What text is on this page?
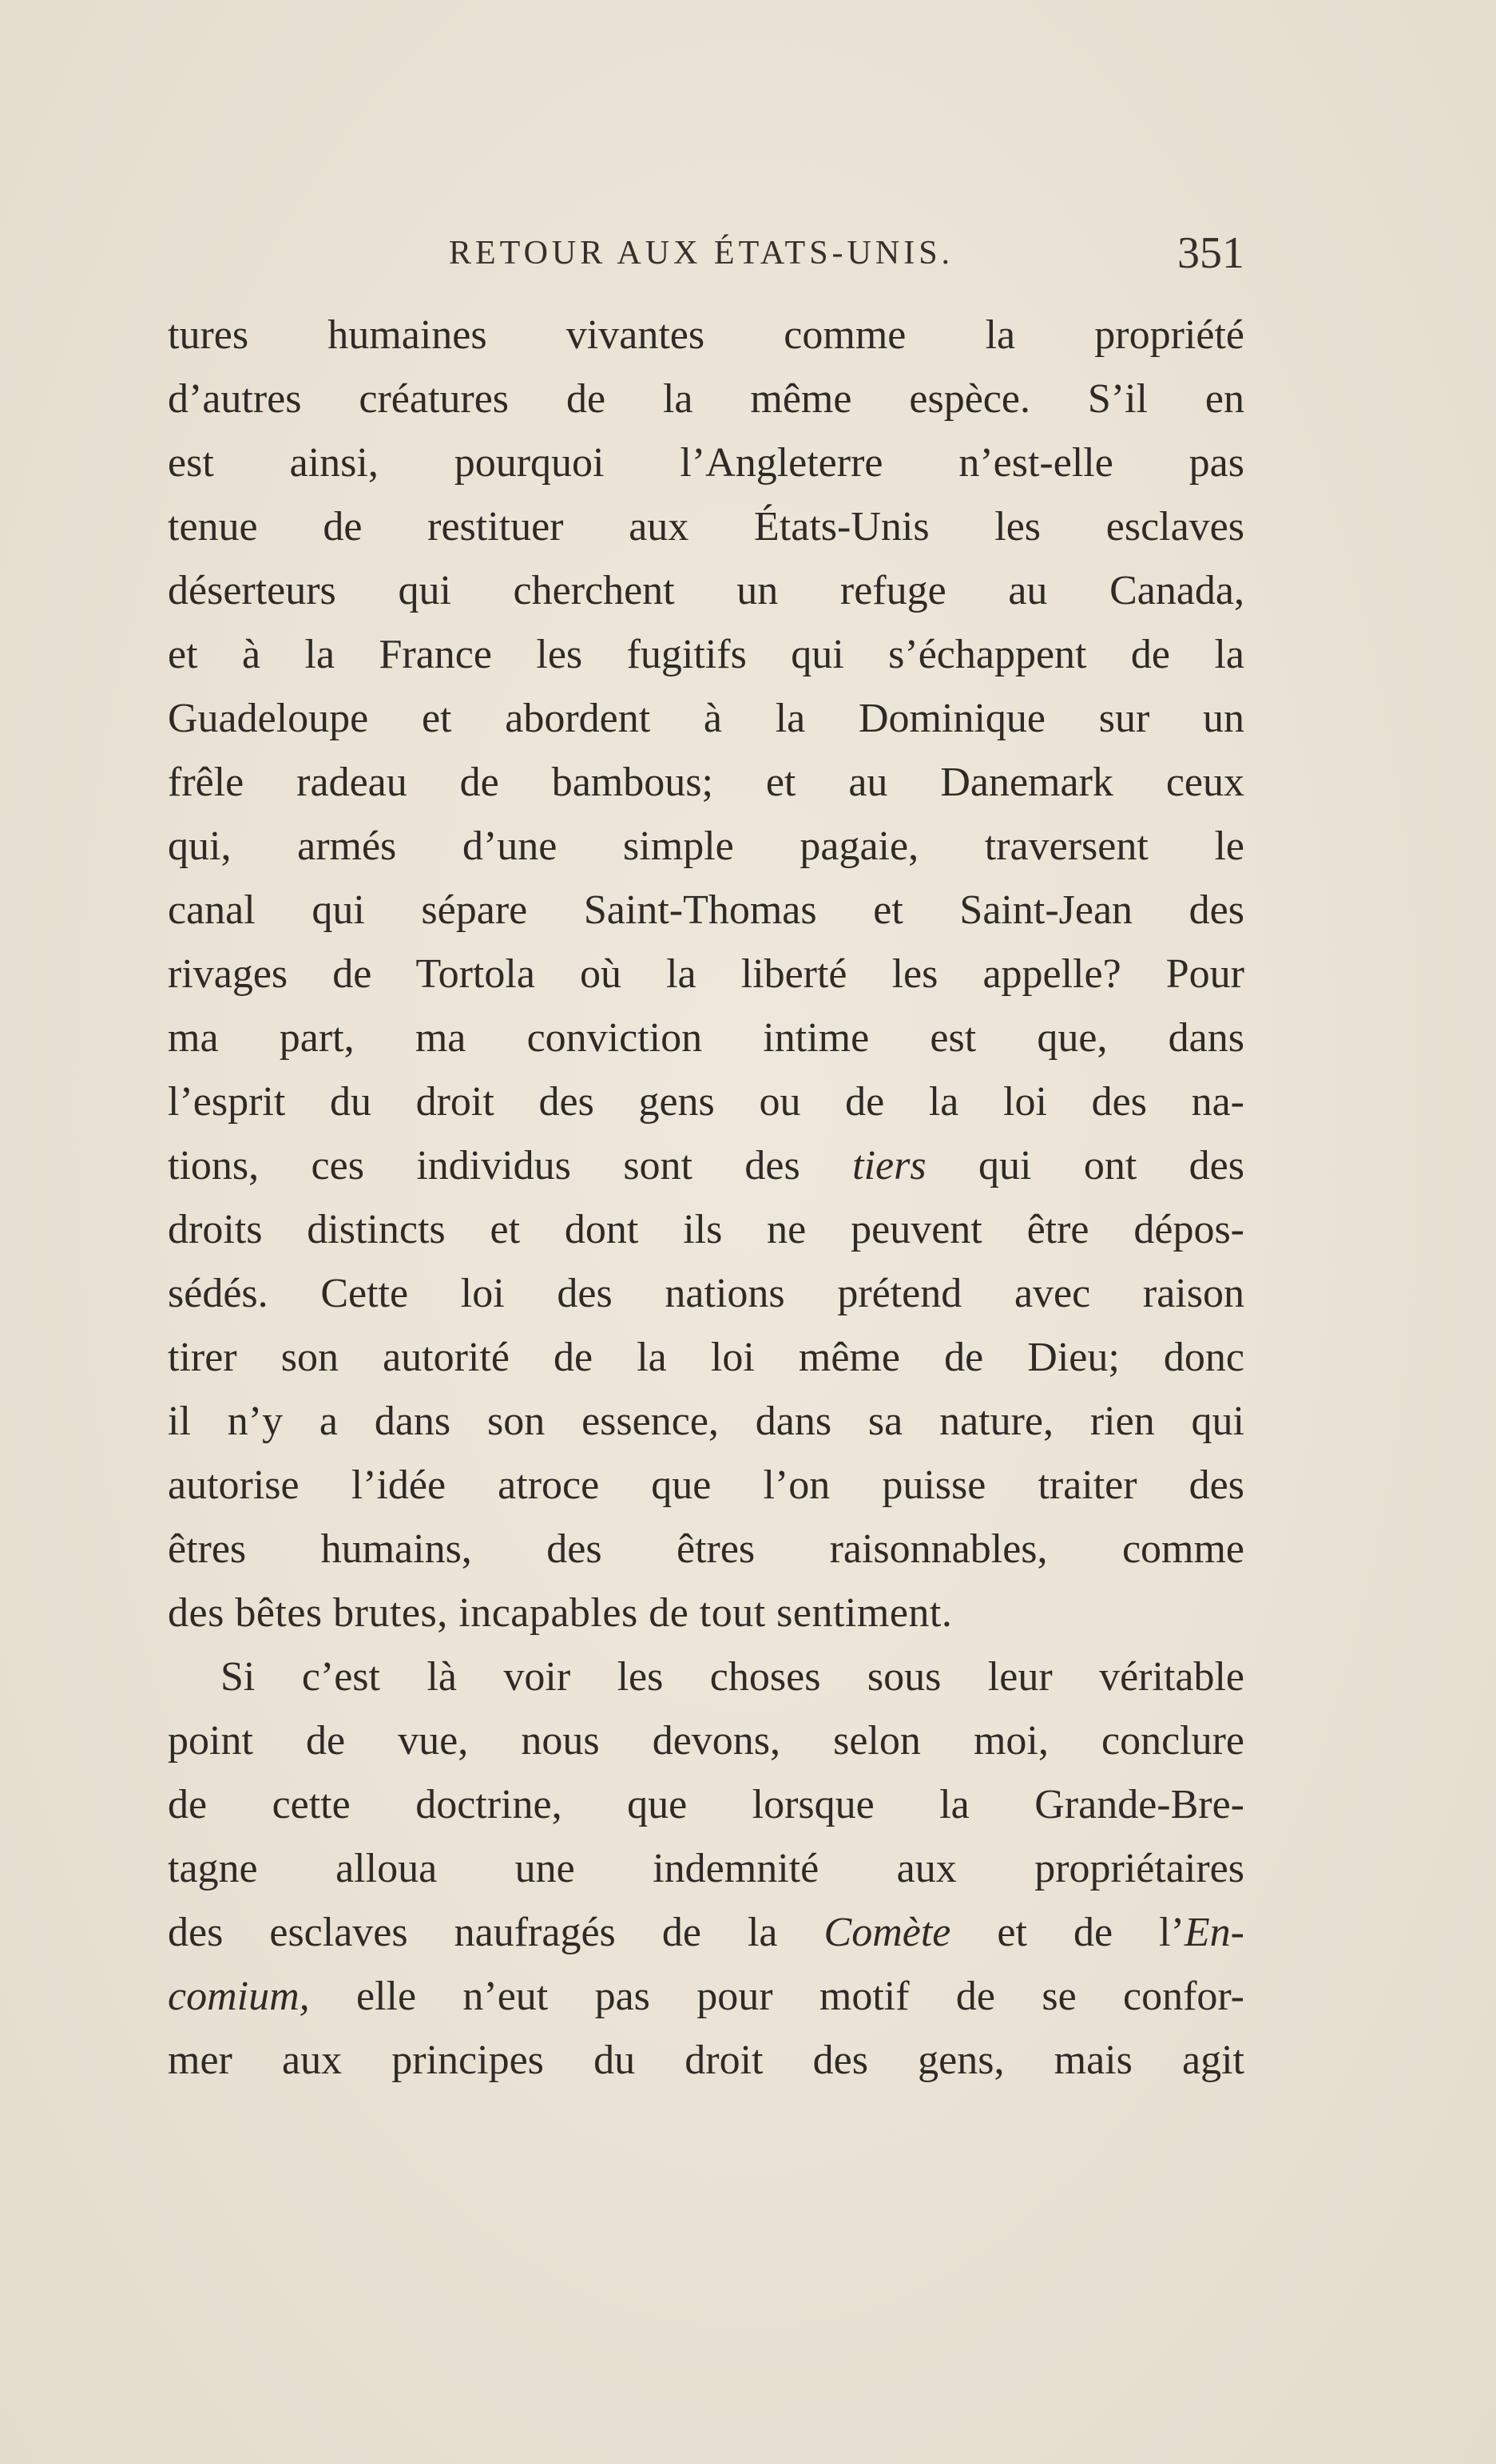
RETOUR AUX ÉTATS-UNIS.	351
tures humaines vivantes comme la propriété
d’autres créatures de la même espèce. S’il en
est ainsi, pourquoi l’Angleterre n’est-elle pas
tenue de restituer aux États-Unis les esclaves
déserteurs qui cherchent un refuge au Canada,
et à la France les fugitifs qui s’échappent de la
Guadeloupe et abordent à la Dominique sur un
frêle radeau de bambous; et au Danemark ceux
qui, armés d’une simple pagaie, traversent le
canal qui sépare Saint-Thomas et Saint-Jean des
rivages de Tortola où la liberté les appelle? Pour
ma part, ma conviction intime est que, dans
l’esprit du droit des gens ou de la loi des na-
tions, ces individus sont des tiers qui ont des
droits distincts et dont ils ne peuvent être dépos-
sédés. Cette loi des nations prétend avec raison
tirer son autorité de la loi même de Dieu; donc
il n’y a dans son essence, dans sa nature, rien qui
autorise l’idée atroce que l’on puisse traiter des
êtres humains, des êtres raisonnables, comme
des bêtes brutes, incapables de tout sentiment.
Si c’est là voir les choses sous leur véritable
point de vue, nous devons, selon moi, conclure
de cette doctrine, que lorsque la Grande-Bre-
tagne alloua une indemnité aux propriétaires
des esclaves naufragés de la Comète et de l’En-
comium, elle n’eut pas pour motif de se confor-
mer aux principes du droit des gens, mais agit
